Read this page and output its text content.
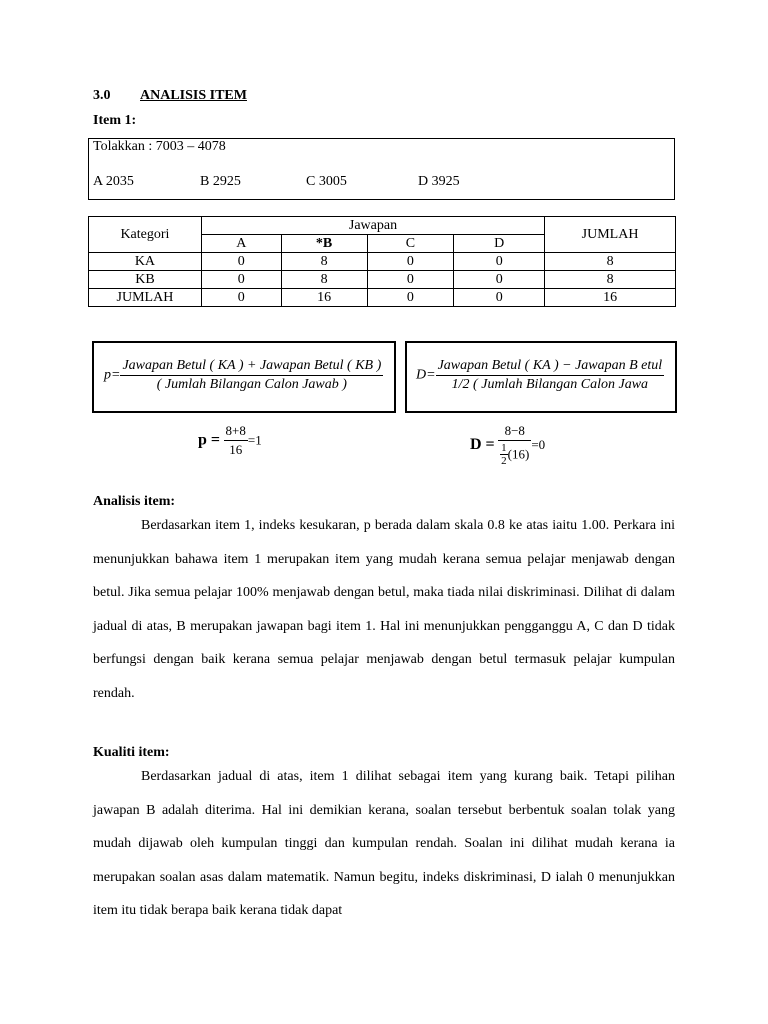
3.0 ANALISIS ITEM
Item 1:
Tolakkan : 7003 – 4078
A 2035	B 2925	C 3005	D 3925
Kategori	Jawapan				JUMLAH
	A	*B	C	D	
KA	0	8	0	0	8
KB	0	8	0	0	8
JUMLAH	0	16	0	0	16
$p= \frac{\text{Jawapan Betul ( KA ) + Jawapan Betul ( KB )}}{\text{( Jumlah Bilangan Calon Jawab )}} D= \frac{\text{Jawapan Betul ( KA ) − Jawapan B etul}}{\text{1/2 ( Jumlah Bilangan Calon Jawa}}$
$p = \frac{8+8}{16} =1$	$D = \frac{8-8}{\frac{1}{2} (16)} =0$
Analisis item:

Berdasarkan item 1, indeks kesukaran, p berada dalam skala 0.8 ke atas iaitu 1.00. Perkara ini menunjukkan bahawa item 1 merupakan item yang mudah kerana semua pelajar menjawab dengan betul. Jika semua pelajar 100% menjawab dengan betul, maka tiada nilai diskriminasi. Dilihat di dalam jadual di atas, B merupakan jawapan bagi item 1. Hal ini menunjukkan pengganggu A, C dan D tidak berfungsi dengan baik kerana semua pelajar menjawab dengan betul termasuk pelajar kumpulan rendah.

Kualiti item:

Berdasarkan jadual di atas, item 1 dilihat sebagai item yang kurang baik. Tetapi pilihan jawapan B adalah diterima. Hal ini demikian kerana, soalan tersebut berbentuk soalan tolak yang mudah dijawab oleh kumpulan tinggi dan kumpulan rendah. Soalan ini dilihat mudah kerana ia merupakan soalan asas dalam matematik. Namun begitu, indeks diskriminasi, D ialah 0 menunjukkan item itu tidak berapa baik kerana tidak dapat
